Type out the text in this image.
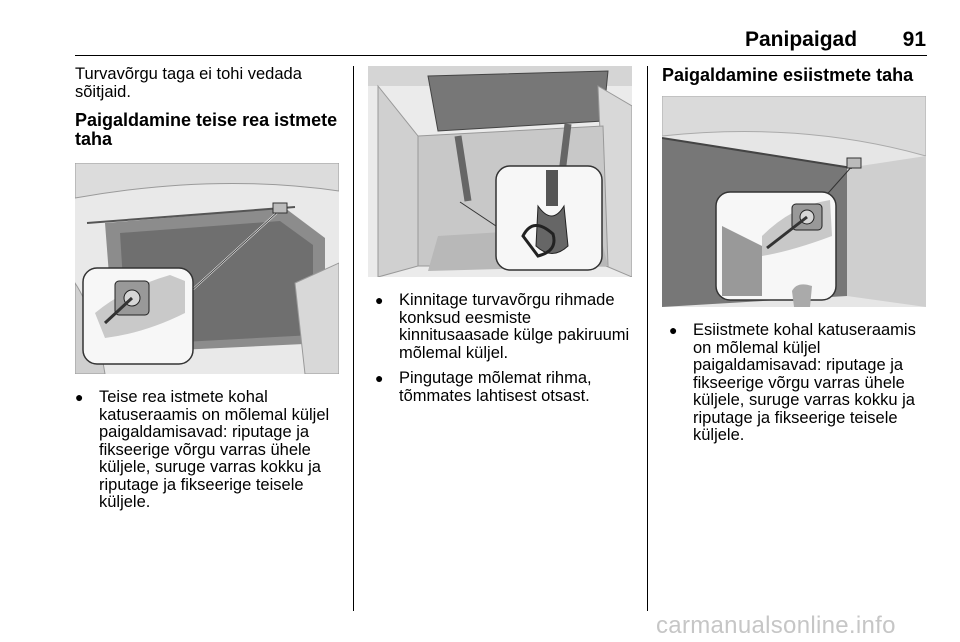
Panipaigad	91

Turvavõrgu taga ei tohi vedada sõitjaid.

Paigaldamine teise rea istmete taha

● Teise rea istmete kohal katuseraamis on mõlemal küljel paigaldamisavad: riputage ja fikseerige võrgu varras ühele küljele, suruge varras kokku ja riputage ja fikseerige teisele küljele.

● Kinnitage turvavõrgu rihmade konksud eesmiste kinnitusaasade külge pakiruumi mõlemal küljel.

● Pingutage mõlemat rihma, tõmmates lahtisest otsast.

Paigaldamine esiistmete taha

● Esiistmete kohal katuseraamis on mõlemal küljel paigaldamisavad: riputage ja fikseerige võrgu varras ühele küljele, suruge varras kokku ja riputage ja fikseerige teisele küljele.

carmanualsonline.info
